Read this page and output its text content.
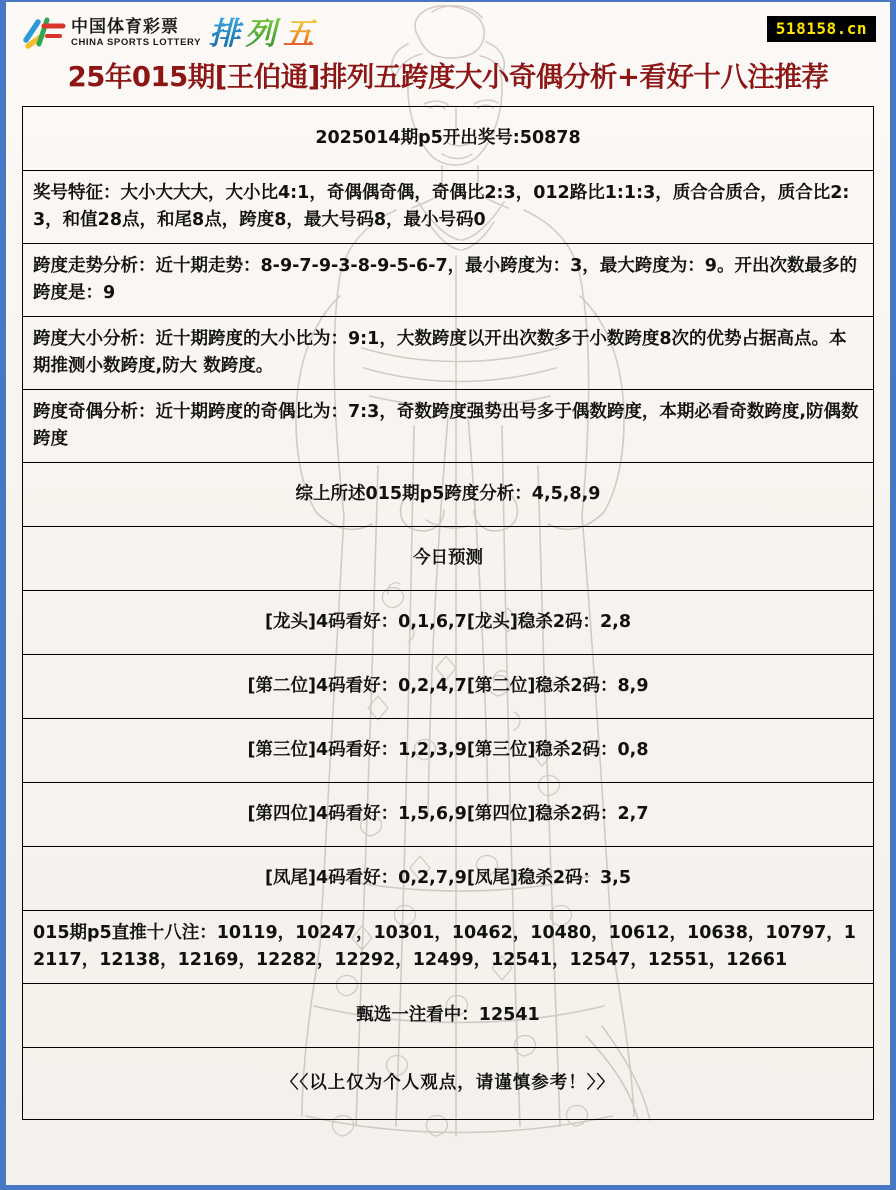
中国体育彩票
CHINA SPORTS LOTTERY 排 列 五	518158.cn
25年015期[王伯通]排列五跨度大小奇偶分析+看好十八注推荐
2025014期p5开出奖号:50878

奖号特征：大小大大大，大小比4:1，奇偶偶奇偶，奇偶比2:3，012路比1:1:3，质合合质合，质合比2:3，和值28点，和尾8点，跨度8，最大号码8，最小号码0

跨度走势分析：近十期走势：8-9-7-9-3-8-9-5-6-7，最小跨度为：3，最大跨度为：9。开出次数最多的跨度是：9

跨度大小分析：近十期跨度的大小比为：9:1，大数跨度以开出次数多于小数跨度8次的优势占据高点。本期推测小数跨度,防大 数跨度。

跨度奇偶分析：近十期跨度的奇偶比为：7:3，奇数跨度强势出号多于偶数跨度，本期必看奇数跨度,防偶数跨度

综上所述015期p5跨度分析：4,5,8,9

今日预测

[龙头]4码看好：0,1,6,7[龙头]稳杀2码：2,8

[第二位]4码看好：0,2,4,7[第二位]稳杀2码：8,9

[第三位]4码看好：1,2,3,9[第三位]稳杀2码：0,8

[第四位]4码看好：1,5,6,9[第四位]稳杀2码：2,7

[凤尾]4码看好：0,2,7,9[凤尾]稳杀2码：3,5

015期p5直推十八注：10119，10247，10301，10462，10480，10612，10638，10797，12117，12138，12169，12282，12292，12499，12541，12547，12551，12661

甄选一注看中：12541

〈〈以上仅为个人观点，请谨慎参考！〉〉
